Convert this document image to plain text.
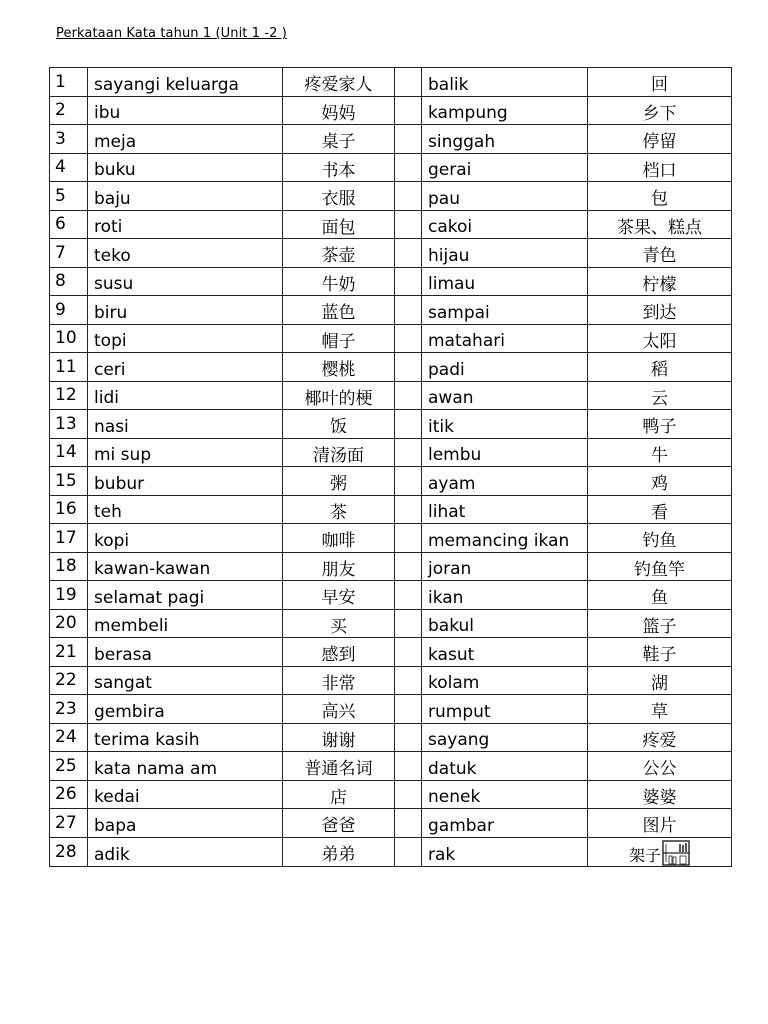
Perkataan Kata tahun 1 (Unit 1 -2 )
1	sayangi keluarga	疼爱家人		balik	回
2	ibu	妈妈		kampung	乡下
3	meja	桌子		singgah	停留
4	buku	书本		gerai	档口
5	baju	衣服		pau	包
6	roti	面包		cakoi	茶果、糕点
7	teko	茶壶		hijau	青色
8	susu	牛奶		limau	柠檬
9	biru	蓝色		sampai	到达
10	topi	帽子		matahari	太阳
11	ceri	樱桃		padi	稻
12	lidi	椰叶的梗		awan	云
13	nasi	饭		itik	鸭子
14	mi sup	清汤面		lembu	牛
15	bubur	粥		ayam	鸡
16	teh	茶		lihat	看
17	kopi	咖啡		memancing ikan	钓鱼
18	kawan-kawan	朋友		joran	钓鱼竿
19	selamat pagi	早安		ikan	鱼
20	membeli	买		bakul	篮子
21	berasa	感到		kasut	鞋子
22	sangat	非常		kolam	湖
23	gembira	高兴		rumput	草
24	terima kasih	谢谢		sayang	疼爱
25	kata nama am	普通名词		datuk	公公
26	kedai	店		nenek	婆婆
27	bapa	爸爸		gambar	图片
28	adik	弟弟		rak	架子
